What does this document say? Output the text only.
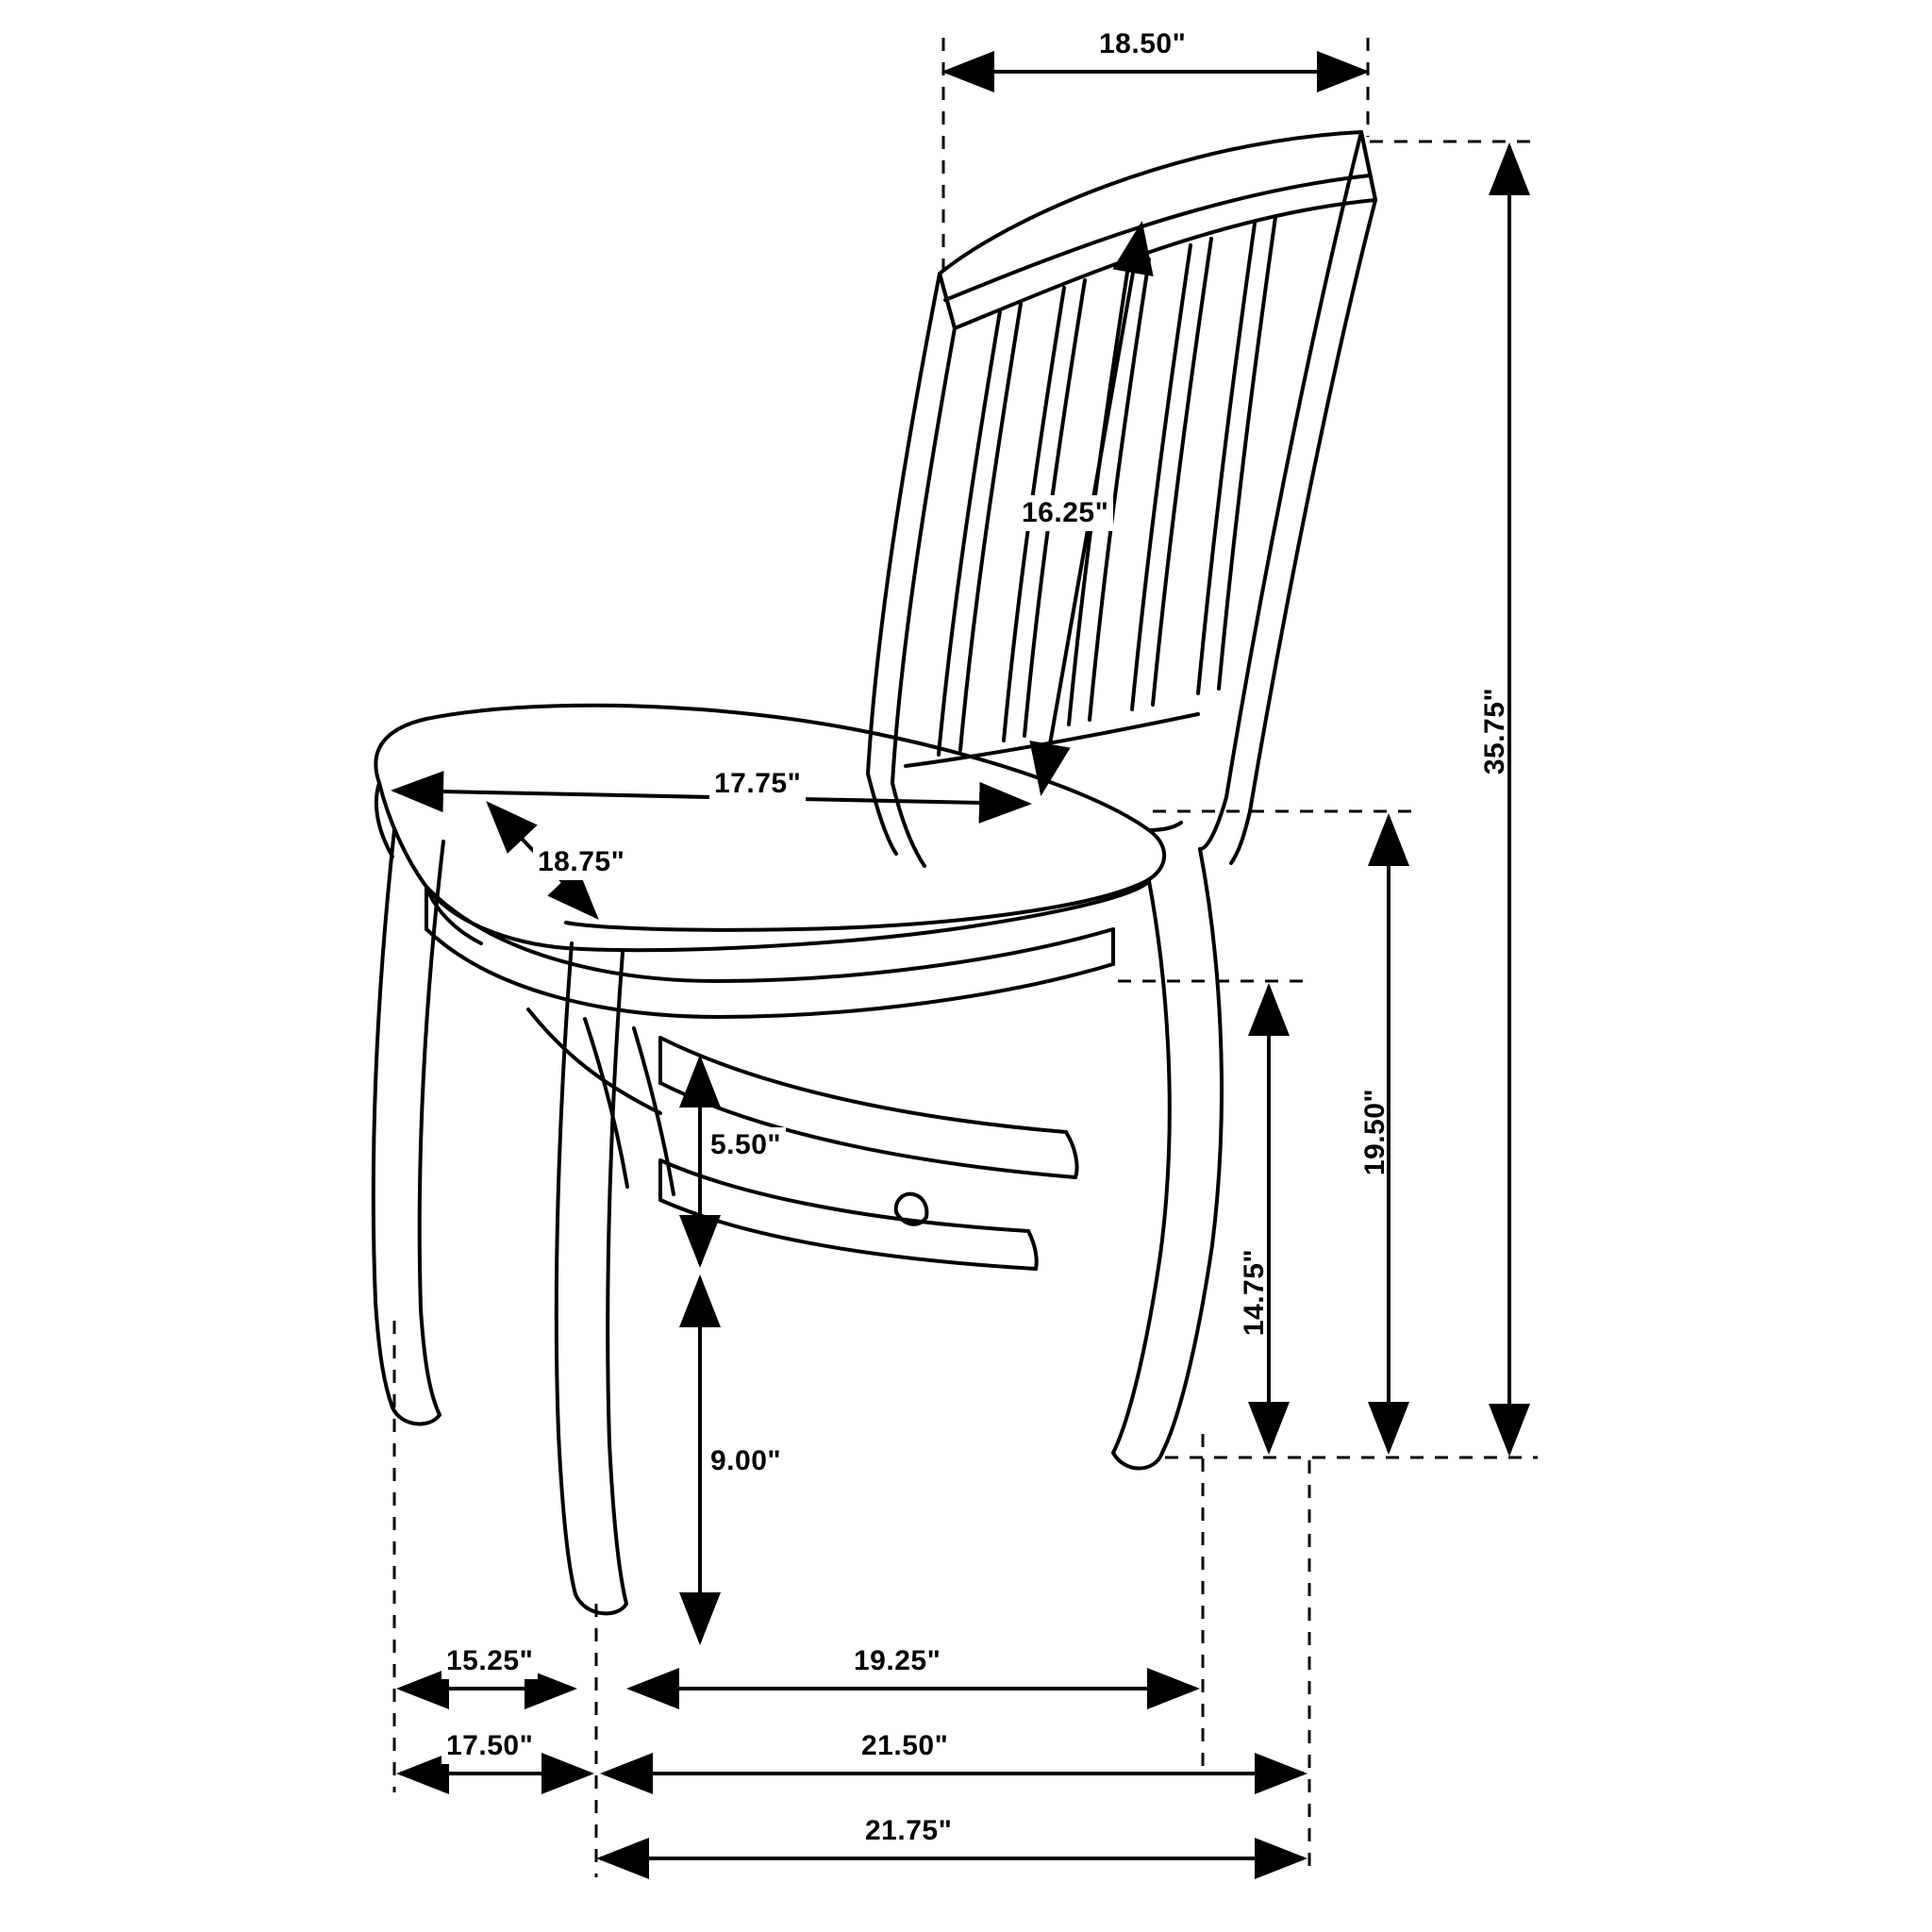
18.50"
35.75"
16.25"
17.75"
18.75"
19.50"
14.75"
5.50"
9.00"
15.25"	19.25"
17.50"	21.50"
21.75"
